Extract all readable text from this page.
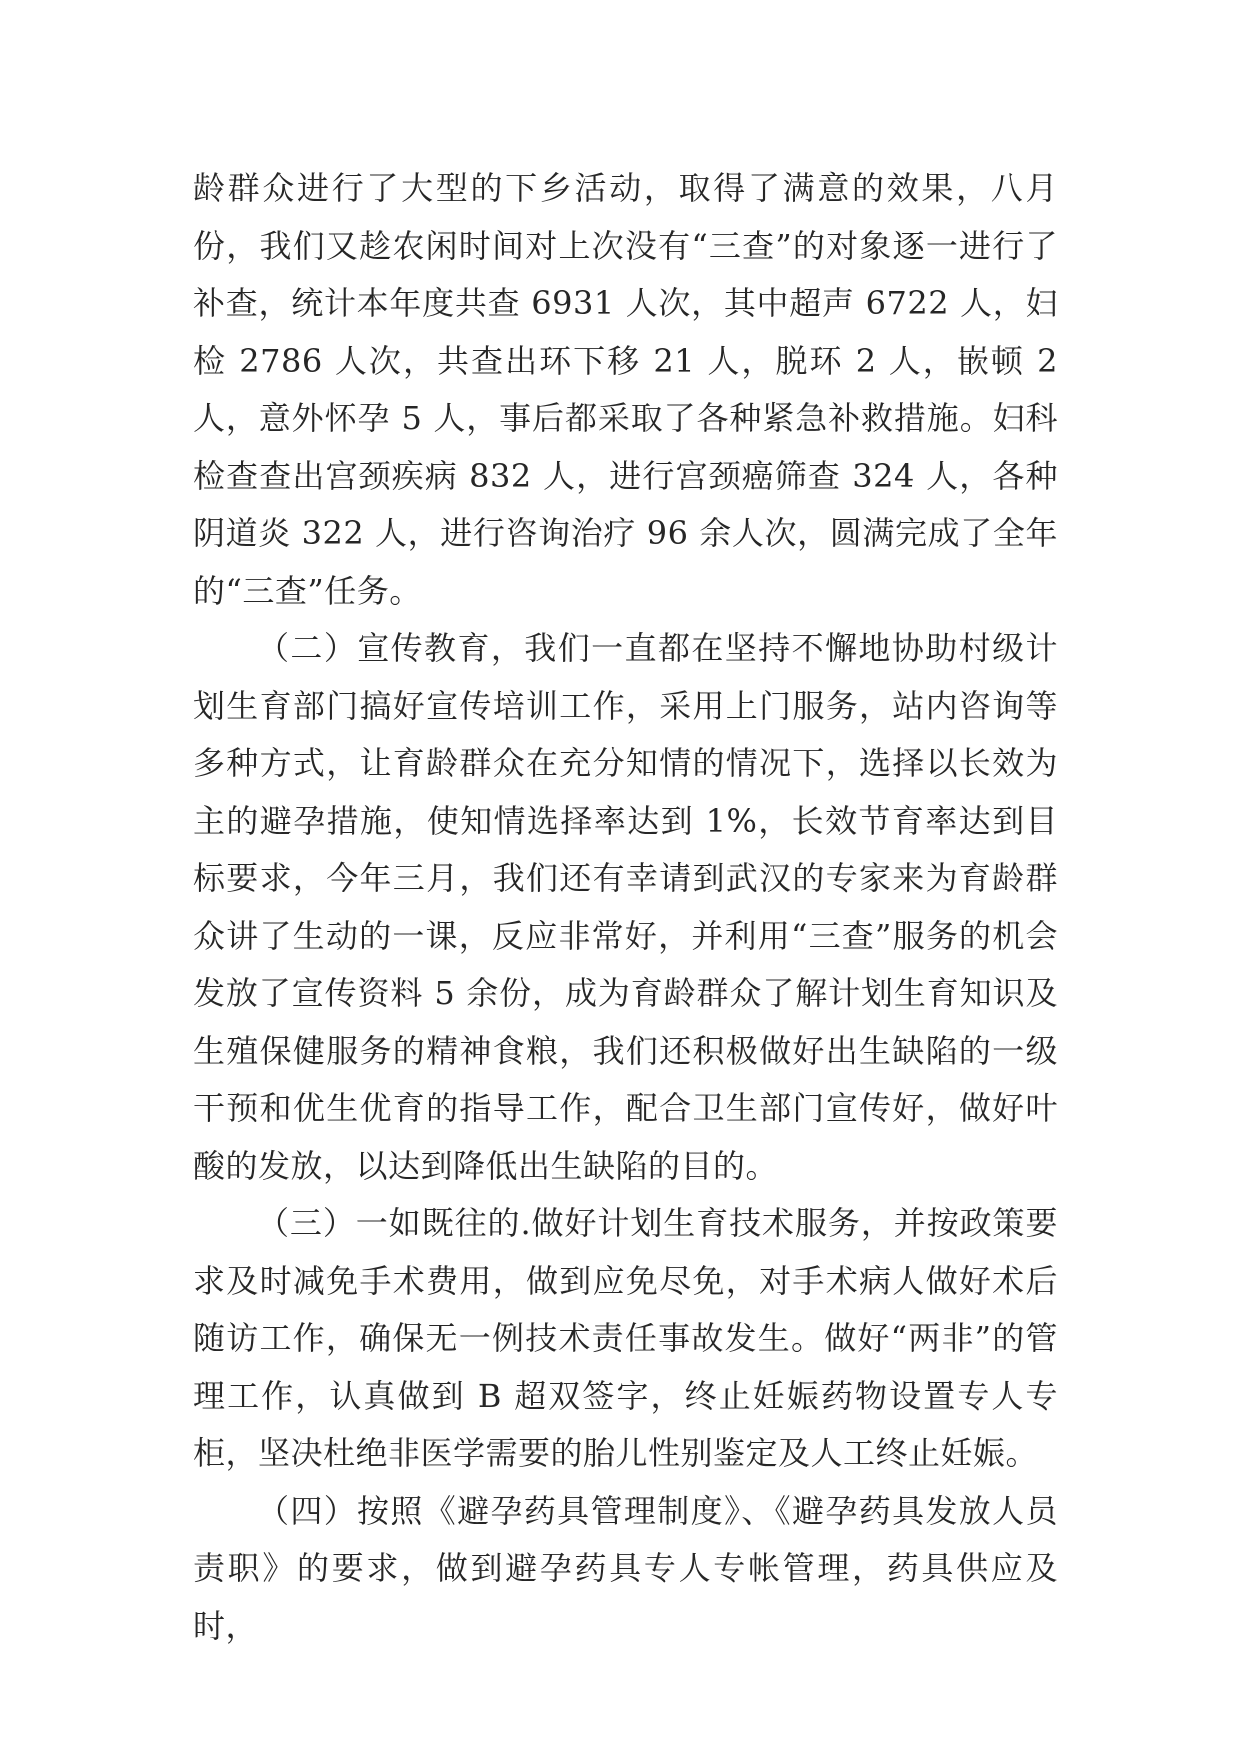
龄群众进行了大型的下乡活动，取得了满意的效果，八月份，我们又趁农闲时间对上次没有“三查”的对象逐一进行了补查，统计本年度共查 6931 人次，其中超声 6722 人，妇检 2786 人次，共查出环下移 21 人，脱环 2 人，嵌顿 2 人，意外怀孕 5 人，事后都采取了各种紧急补救措施。妇科检查查出宫颈疾病 832 人，进行宫颈癌筛查 324 人，各种阴道炎 322 人，进行咨询治疗 96 余人次，圆满完成了全年的“三查”任务。

（二）宣传教育，我们一直都在坚持不懈地协助村级计划生育部门搞好宣传培训工作，采用上门服务，站内咨询等多种方式，让育龄群众在充分知情的情况下，选择以长效为主的避孕措施，使知情选择率达到 1%，长效节育率达到目标要求，今年三月，我们还有幸请到武汉的专家来为育龄群众讲了生动的一课，反应非常好，并利用“三查”服务的机会发放了宣传资料 5 余份，成为育龄群众了解计划生育知识及生殖保健服务的精神食粮，我们还积极做好出生缺陷的一级干预和优生优育的指导工作，配合卫生部门宣传好，做好叶酸的发放，以达到降低出生缺陷的目的。

（三）一如既往的.做好计划生育技术服务，并按政策要求及时减免手术费用，做到应免尽免，对手术病人做好术后随访工作，确保无一例技术责任事故发生。做好“两非”的管理工作，认真做到 B 超双签字，终止妊娠药物设置专人专柜，坚决杜绝非医学需要的胎儿性别鉴定及人工终止妊娠。

（四）按照《避孕药具管理制度》、《避孕药具发放人员责职》的要求，做到避孕药具专人专帐管理，药具供应及时，
